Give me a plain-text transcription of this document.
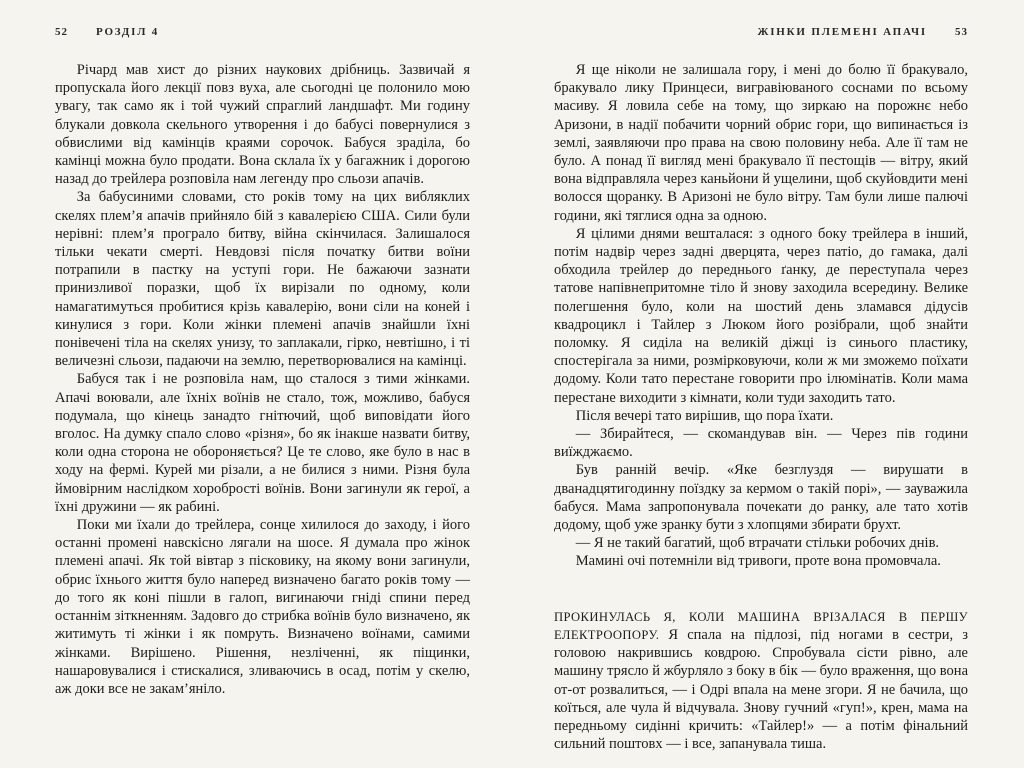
52	РОЗДІЛ 4

Річард мав хист до різних наукових дрібниць. Зазвичай я пропускала його лекції повз вуха, але сьогодні це полонило мою увагу, так само як і той чужий спраглий ландшафт. Ми годину блукали довкола скельного утворення і до бабусі повернулися з обвислими від камінців краями сорочок. Бабуся зраділа, бо камінці можна було продати. Вона склала їх у багажник і дорогою назад до трейлера розповіла нам легенду про сльози апачів.

За бабусиними словами, сто років тому на цих вибляклих скелях плем’я апачів прийняло бій з кавалерією США. Сили були нерівні: плем’я програло битву, війна скінчилася. Залишалося тільки чекати смерті. Невдовзі після початку битви воїни потрапили в пастку на уступі гори. Не бажаючи зазнати принизливої поразки, щоб їх вирізали по одному, коли намагатимуться пробитися крізь кавалерію, вони сіли на коней і кинулися з гори. Коли жінки племені апачів знайшли їхні понівечені тіла на скелях унизу, то заплакали, гірко, невтішно, і ті величезні сльози, падаючи на землю, перетворювалися на камінці.

Бабуся так і не розповіла нам, що сталося з тими жінками. Апачі воювали, але їхніх воїнів не стало, тож, можливо, бабуся подумала, що кінець занадто гнітючий, щоб виповідати його вголос. На думку спало слово «різня», бо як інакше назвати битву, коли одна сторона не обороняється? Це те слово, яке було в нас в ходу на фермі. Курей ми різали, а не билися з ними. Різня була ймовірним наслідком хоробрості воїнів. Вони загинули як герої, а їхні дружини — як рабині.

Поки ми їхали до трейлера, сонце хилилося до заходу, і його останні промені навскісно лягали на шосе. Я думала про жінок племені апачі. Як той вівтар з пісковику, на якому вони загинули, обрис їхнього життя було наперед визначено багато років тому — до того як коні пішли в галоп, вигинаючи гніді спини перед останнім зіткненням. Задовго до стрибка воїнів було визначено, як житимуть ті жінки і як помруть. Визначено воїнами, самими жінками. Вирішено. Рішення, незліченні, як піщинки, нашаровувалися і стискалися, зливаючись в осад, потім у скелю, аж доки все не закам’яніло.

ЖІНКИ ПЛЕМЕНІ АПАЧІ	53

Я ще ніколи не залишала гору, і мені до болю її бракувало, бракувало лику Принцеси, вигравіюваного соснами по всьому масиву. Я ловила себе на тому, що зиркаю на порожнє небо Аризони, в надії побачити чорний обрис гори, що випинається із землі, заявляючи про права на свою половину неба. Але її там не було. А понад її вигляд мені бракувало її пестощів — вітру, який вона відправляла через каньйони й ущелини, щоб скуйовдити мені волосся щоранку. В Аризоні не було вітру. Там були лише палючі години, які тяглися одна за одною.

Я цілими днями вешталася: з одного боку трейлера в інший, потім надвір через задні дверцята, через патіо, до гамака, далі обходила трейлер до переднього ґанку, де переступала через татове напівнепритомне тіло й знову заходила всередину. Велике полегшення було, коли на шостий день зламався дідусів квадроцикл і Тайлер з Люком його розібрали, щоб знайти поломку. Я сиділа на великій діжці із синього пластику, спостерігала за ними, розмірковуючи, коли ж ми зможемо поїхати додому. Коли тато перестане говорити про ілюмінатів. Коли мама перестане виходити з кімнати, коли туди заходить тато.

Після вечері тато вирішив, що пора їхати.

— Збирайтеся, — скомандував він. — Через пів години виїжджаємо.

Був ранній вечір. «Яке безглуздя — вирушати в дванадцятигодинну поїздку за кермом о такій порі», — зауважила бабуся. Мама запропонувала почекати до ранку, але тато хотів додому, щоб уже зранку бути з хлопцями збирати брухт.

— Я не такий багатий, щоб втрачати стільки робочих днів.

Мамині очі потемніли від тривоги, проте вона промовчала.

ПРОКИНУЛАСЬ Я, КОЛИ МАШИНА ВРІЗАЛАСЯ В ПЕРШУ ЕЛЕКТРООПОРУ. Я спала на підлозі, під ногами в сестри, з головою накрившись ковдрою. Спробувала сісти рівно, але машину трясло й жбурляло з боку в бік — було враження, що вона от-от розвалиться, — і Одрі впала на мене згори. Я не бачила, що коїться, але чула й відчувала. Знову гучний «гуп!», крен, мама на передньому сидінні кричить: «Тайлер!» — а потім фінальний сильний поштовх — і все, запанувала тиша.
